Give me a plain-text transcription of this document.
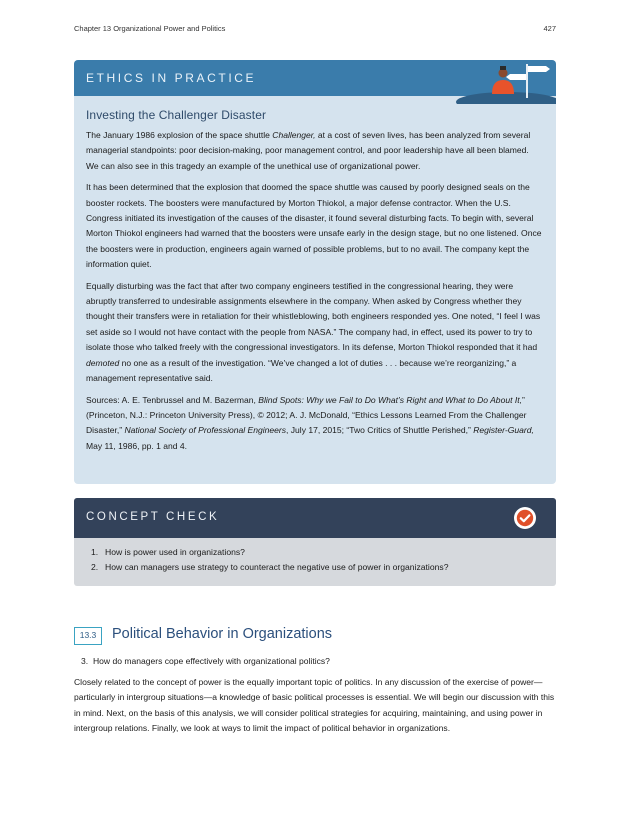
Chapter 13 Organizational Power and Politics	427
ETHICS IN PRACTICE
Investing the Challenger Disaster

The January 1986 explosion of the space shuttle Challenger, at a cost of seven lives, has been analyzed from several managerial standpoints: poor decision-making, poor management control, and poor leadership have all been blamed. We can also see in this tragedy an example of the unethical use of organizational power.

It has been determined that the explosion that doomed the space shuttle was caused by poorly designed seals on the booster rockets. The boosters were manufactured by Morton Thiokol, a major defense contractor. When the U.S. Congress initiated its investigation of the causes of the disaster, it found several disturbing facts. To begin with, several Morton Thiokol engineers had warned that the boosters were unsafe early in the design stage, but no one listened. Once the boosters were in production, engineers again warned of possible problems, but to no avail. The company kept the information quiet.

Equally disturbing was the fact that after two company engineers testified in the congressional hearing, they were abruptly transferred to undesirable assignments elsewhere in the company. When asked by Congress whether they thought their transfers were in retaliation for their whistleblowing, both engineers responded yes. One noted, “I feel I was set aside so I would not have contact with the people from NASA.” The company had, in effect, used its power to try to isolate those who talked freely with the congressional investigators. In its defense, Morton Thiokol responded that it had demoted no one as a result of the investigation. “We’ve changed a lot of duties . . . because we’re reorganizing,” a management representative said.

Sources: A. E. Tenbrussel and M. Bazerman, Blind Spots: Why we Fail to Do What’s Right and What to Do About It,” (Princeton, N.J.: Princeton University Press), © 2012; A. J. McDonald, “Ethics Lessons Learned From the Challenger Disaster,” National Society of Professional Engineers, July 17, 2015; “Two Critics of Shuttle Perished,” Register-Guard, May 11, 1986, pp. 1 and 4.

CONCEPT CHECK
1. How is power used in organizations?
2. How can managers use strategy to counteract the negative use of power in organizations?
13.3	Political Behavior in Organizations
3. How do managers cope effectively with organizational politics?
Closely related to the concept of power is the equally important topic of politics. In any discussion of the exercise of power—particularly in intergroup situations—a knowledge of basic political processes is essential. We will begin our discussion with this in mind. Next, on the basis of this analysis, we will consider political strategies for acquiring, maintaining, and using power in intergroup relations. Finally, we look at ways to limit the impact of political behavior in organizations.
